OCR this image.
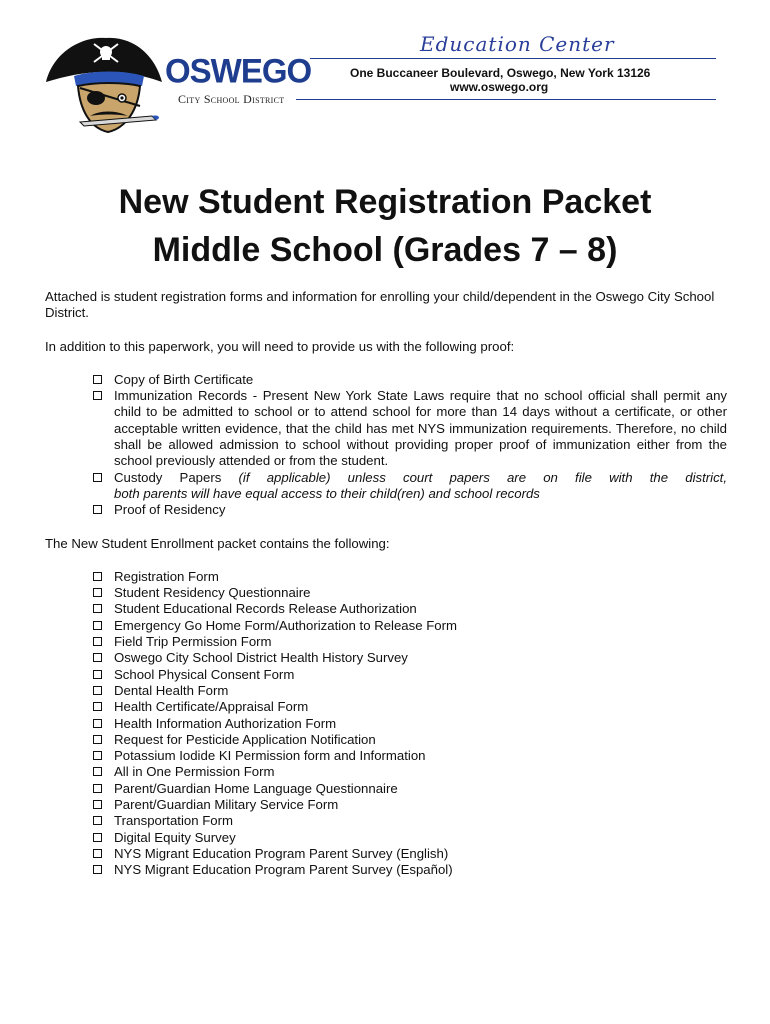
Education Center
OSWEGO	One Buccaneer Boulevard, Oswego, New York 13126
www.oswego.org
City School District
New Student Registration Packet
Middle School (Grades 7 – 8)

Attached is student registration forms and information for enrolling your child/dependent in the Oswego City School District.

In addition to this paperwork, you will need to provide us with the following proof:

Copy of Birth Certificate
Immunization Records - Present New York State Laws require that no school official shall permit any child to be admitted to school or to attend school for more than 14 days without a certificate, or other acceptable written evidence, that the child has met NYS immunization requirements. Therefore, no child shall be allowed admission to school without providing proper proof of immunization either from the school previously attended or from the student.
Custody Papers (if applicable) unless court papers are on file with the district,
both parents will have equal access to their child(ren) and school records
Proof of Residency

The New Student Enrollment packet contains the following:

Registration Form
Student Residency Questionnaire
Student Educational Records Release Authorization
Emergency Go Home Form/Authorization to Release Form
Field Trip Permission Form
Oswego City School District Health History Survey
School Physical Consent Form
Dental Health Form
Health Certificate/Appraisal Form
Health Information Authorization Form
Request for Pesticide Application Notification
Potassium Iodide KI Permission form and Information
All in One Permission Form
Parent/Guardian Home Language Questionnaire
Parent/Guardian Military Service Form
Transportation Form
Digital Equity Survey
NYS Migrant Education Program Parent Survey (English)
NYS Migrant Education Program Parent Survey (Español)
